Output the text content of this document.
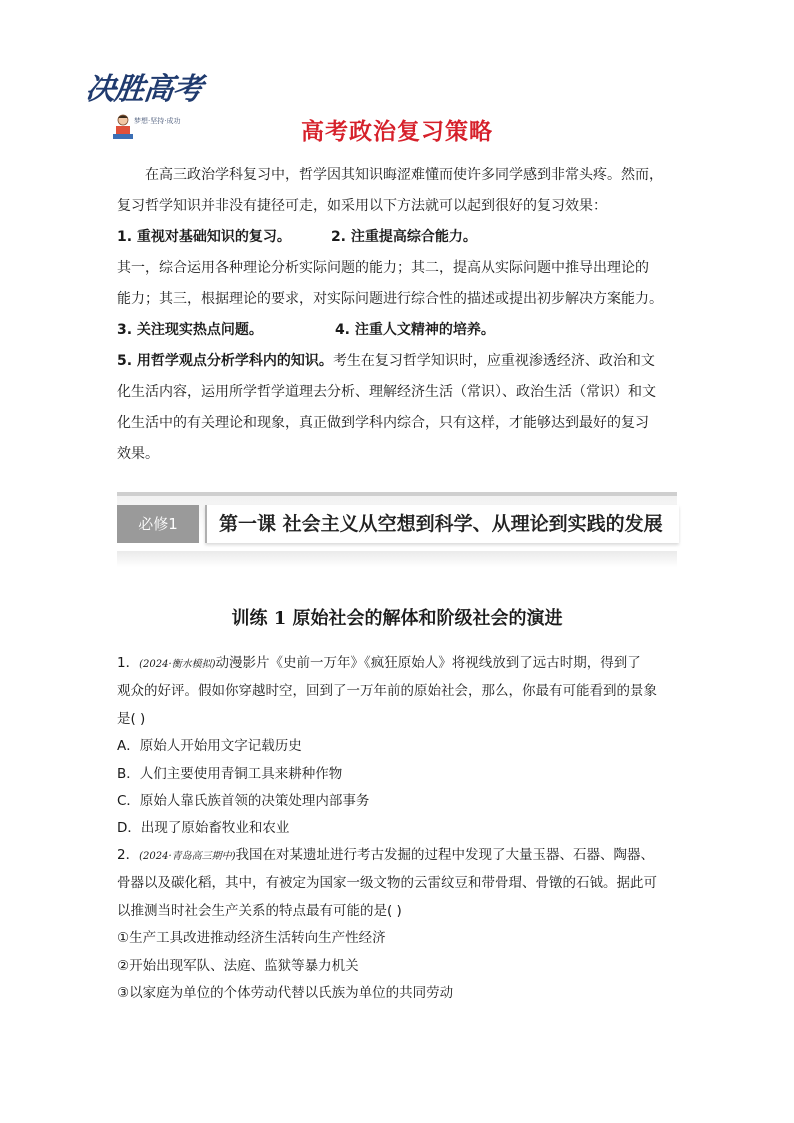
决胜高考
梦想·坚持·成功	高考政治复习策略

在高三政治学科复习中，哲学因其知识晦涩难懂而使许多同学感到非常头疼。然而，

复习哲学知识并非没有捷径可走，如采用以下方法就可以起到很好的复习效果：

1. 重视对基础知识的复习。	2. 注重提高综合能力。

其一，综合运用各种理论分析实际问题的能力；其二，提高从实际问题中推导出理论的

能力；其三，根据理论的要求，对实际问题进行综合性的描述或提出初步解决方案能力。

3. 关注现实热点问题。	4. 注重人文精神的培养。

5. 用哲学观点分析学科内的知识。考生在复习哲学知识时，应重视渗透经济、政治和文

化生活内容，运用所学哲学道理去分析、理解经济生活（常识）、政治生活（常识）和文

化生活中的有关理论和现象，真正做到学科内综合，只有这样，才能够达到最好的复习

效果。

必修1	第一课 社会主义从空想到科学、从理论到实践的发展
训练 1 原始社会的解体和阶级社会的演进

1．(2024·衡水模拟)动漫影片《史前一万年》《疯狂原始人》将视线放到了远古时期，得到了

观众的好评。假如你穿越时空，回到了一万年前的原始社会，那么，你最有可能看到的景象

是( )

A．原始人开始用文字记载历史

B．人们主要使用青铜工具来耕种作物

C．原始人靠氏族首领的决策处理内部事务

D．出现了原始畜牧业和农业

2．(2024·青岛高三期中)我国在对某遗址进行考古发掘的过程中发现了大量玉器、石器、陶器、

骨器以及碳化稻，其中，有被定为国家一级文物的云雷纹豆和带骨瑁、骨镦的石钺。据此可

以推测当时社会生产关系的特点最有可能的是( )

①生产工具改进推动经济生活转向生产性经济

②开始出现军队、法庭、监狱等暴力机关

③以家庭为单位的个体劳动代替以氏族为单位的共同劳动
